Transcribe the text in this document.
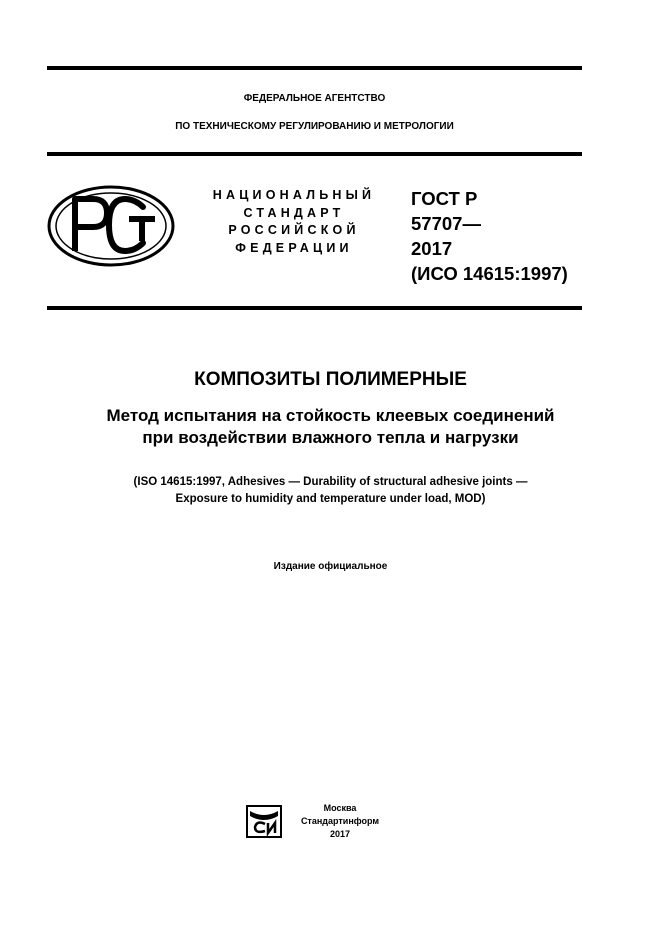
ФЕДЕРАЛЬНОЕ АГЕНТСТВО
ПО ТЕХНИЧЕСКОМУ РЕГУЛИРОВАНИЮ И МЕТРОЛОГИИ
НАЦИОНАЛЬНЫЙ
СТАНДАРТ
РОССИЙСКОЙ
ФЕДЕРАЦИИ
ГОСТ Р
57707—
2017
(ИСО 14615:1997)
КОМПОЗИТЫ ПОЛИМЕРНЫЕ
Метод испытания на стойкость клеевых соединений
при воздействии влажного тепла и нагрузки
(ISO 14615:1997, Adhesives — Durability of structural adhesive joints —
Exposure to humidity and temperature under load, MOD)
Издание официальное
Москва
Стандартинформ
2017
